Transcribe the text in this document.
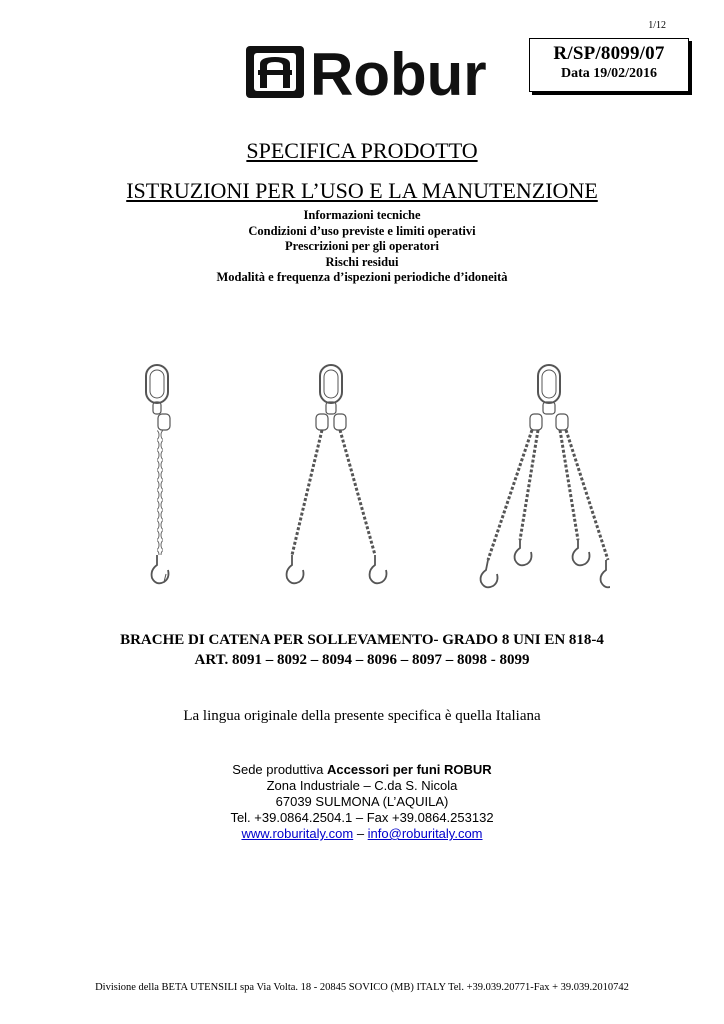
1/12
Robur	R/SP/8099/07
Data 19/02/2016
SPECIFICA PRODOTTO
ISTRUZIONI PER L’USO E LA MANUTENZIONE
Informazioni tecniche
Condizioni d’uso previste e limiti operativi
Prescrizioni per gli operatori
Rischi residui
Modalità e frequenza d’ispezioni periodiche d’idoneità
BRACHE DI CATENA PER SOLLEVAMENTO- GRADO 8 UNI EN 818-4
ART. 8091 – 8092 – 8094 – 8096 – 8097 – 8098 - 8099
La lingua originale della presente specifica è quella Italiana
Sede produttiva Accessori per funi ROBUR
Zona Industriale – C.da S. Nicola
67039 SULMONA (L’AQUILA)
Tel. +39.0864.2504.1 – Fax +39.0864.253132
www.roburitaly.com – info@roburitaly.com
Divisione della BETA UTENSILI spa Via Volta. 18 - 20845 SOVICO (MB) ITALY Tel. +39.039.20771-Fax + 39.039.2010742
